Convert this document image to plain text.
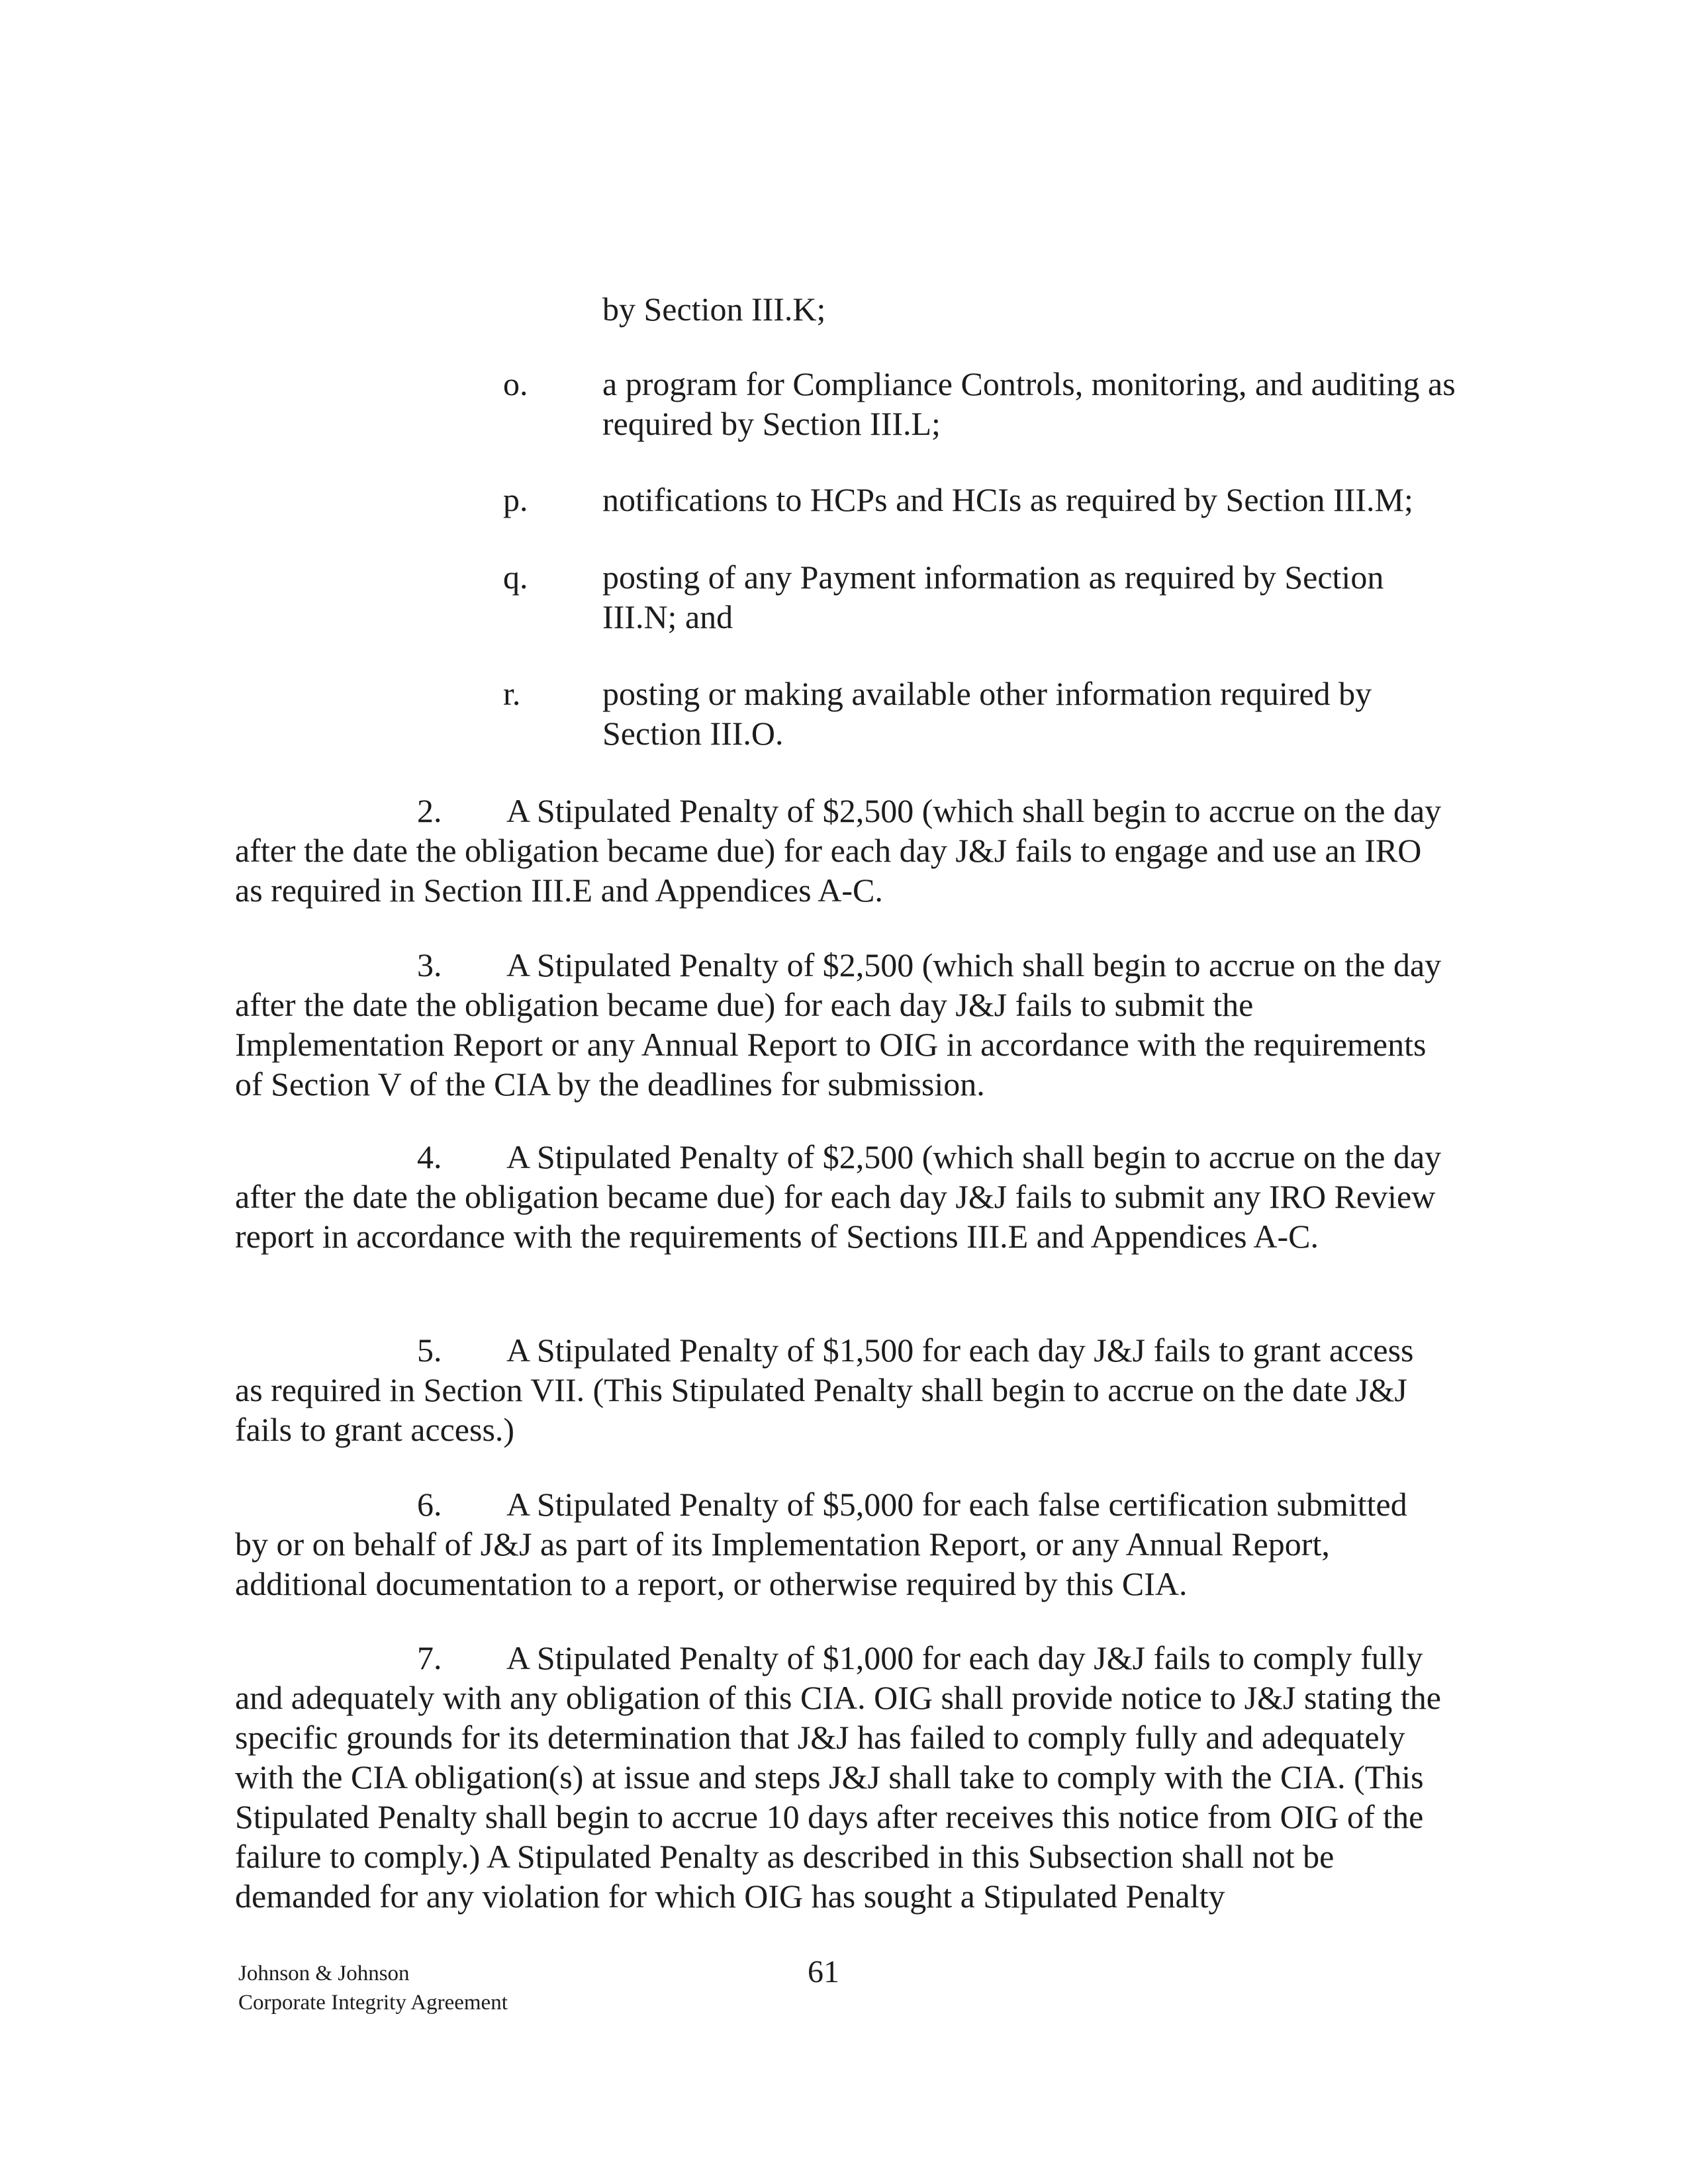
by Section III.K;
o. a program for Compliance Controls, monitoring, and auditing as required by Section III.L;
p. notifications to HCPs and HCIs as required by Section III.M;
q. posting of any Payment information as required by Section III.N; and
r. posting or making available other information required by Section III.O.
2. A Stipulated Penalty of $2,500 (which shall begin to accrue on the day after the date the obligation became due) for each day J&J fails to engage and use an IRO as required in Section III.E and Appendices A-C.
3. A Stipulated Penalty of $2,500 (which shall begin to accrue on the day after the date the obligation became due) for each day J&J fails to submit the Implementation Report or any Annual Report to OIG in accordance with the requirements of Section V of the CIA by the deadlines for submission.
4. A Stipulated Penalty of $2,500 (which shall begin to accrue on the day after the date the obligation became due) for each day J&J fails to submit any IRO Review report in accordance with the requirements of Sections III.E and Appendices A-C.
5. A Stipulated Penalty of $1,500 for each day J&J fails to grant access as required in Section VII. (This Stipulated Penalty shall begin to accrue on the date J&J fails to grant access.)
6. A Stipulated Penalty of $5,000 for each false certification submitted by or on behalf of J&J as part of its Implementation Report, or any Annual Report, additional documentation to a report, or otherwise required by this CIA.
7. A Stipulated Penalty of $1,000 for each day J&J fails to comply fully and adequately with any obligation of this CIA. OIG shall provide notice to J&J stating the specific grounds for its determination that J&J has failed to comply fully and adequately with the CIA obligation(s) at issue and steps J&J shall take to comply with the CIA. (This Stipulated Penalty shall begin to accrue 10 days after receives this notice from OIG of the failure to comply.) A Stipulated Penalty as described in this Subsection shall not be demanded for any violation for which OIG has sought a Stipulated Penalty
Johnson & Johnson
Corporate Integrity Agreement
61
